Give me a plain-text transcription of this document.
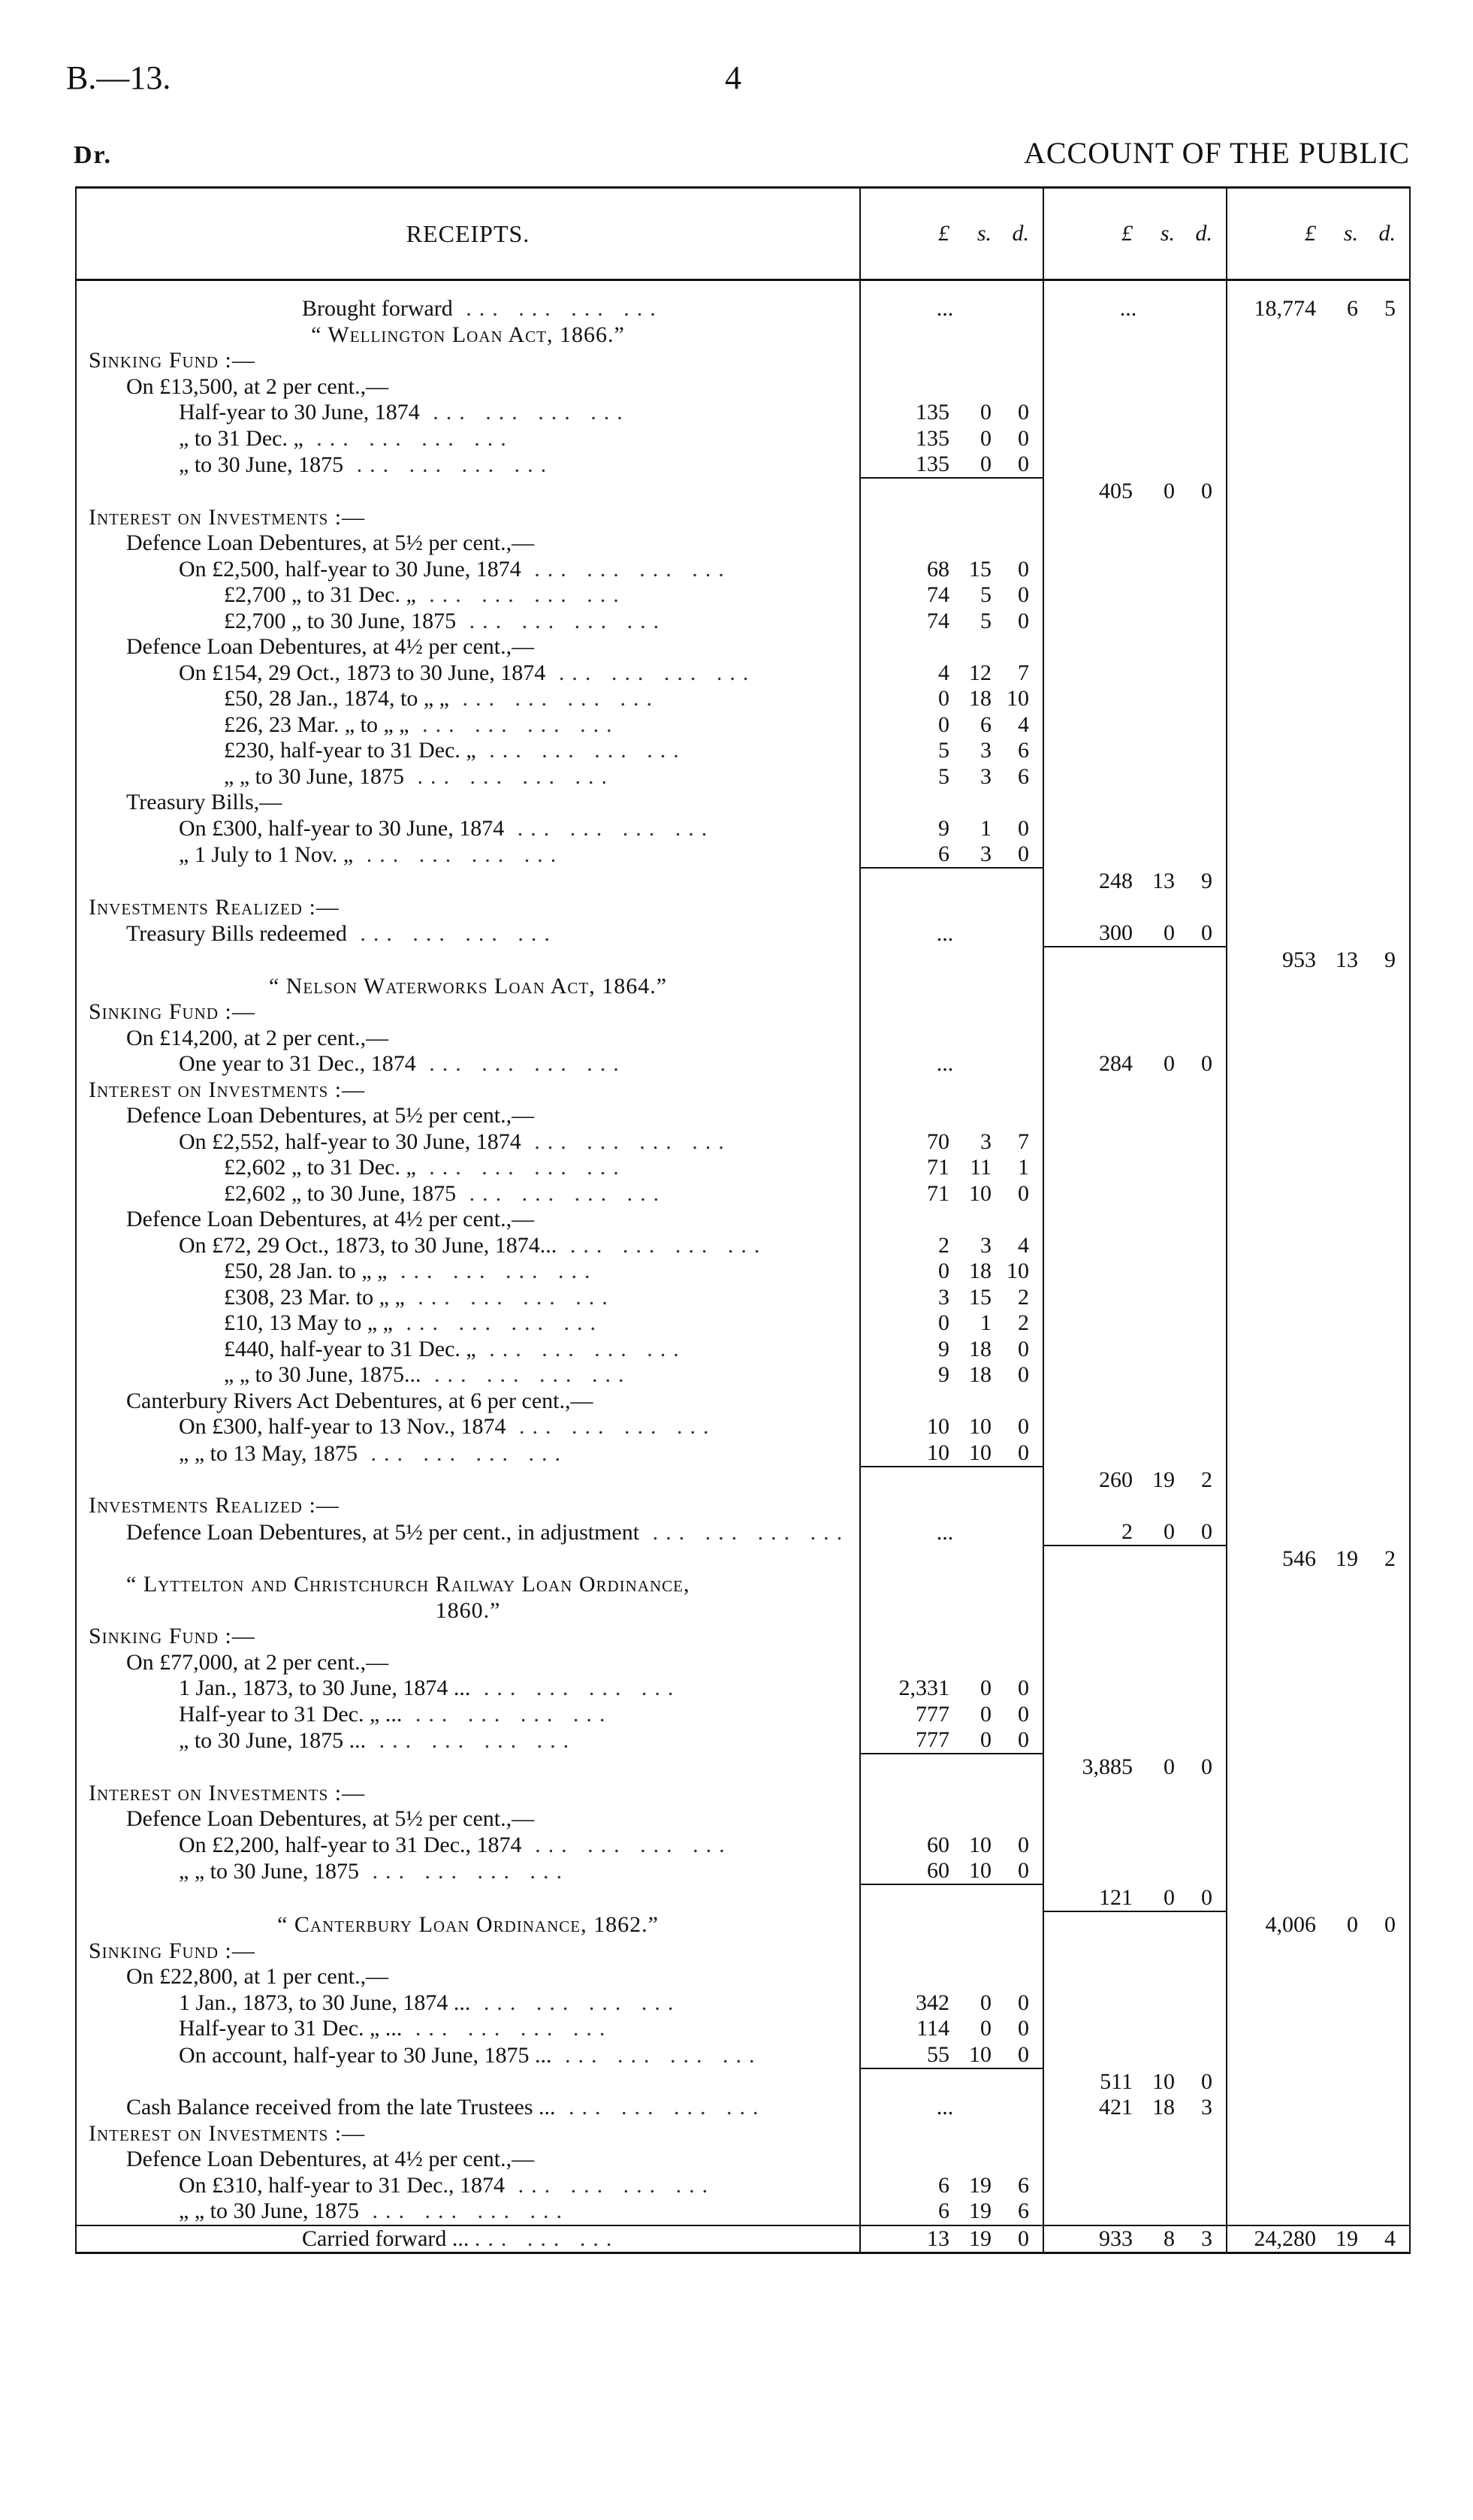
B.—13.	4
Dr.	ACCOUNT OF THE PUBLIC
RECEIPTS.	£ s. d.	£ s. d.	£ s. d.

Brought forward ... ... ... ...	...	...	18,774 6 5

“ Wellington Loan Act, 1866.”	

Sinking Fund :—	

On £13,500, at 2 per cent.,—	

Half-year to 30 June, 1874 ... ... ... ...	135 0 0		

„ to 31 Dec. „ ... ... ... ...	135 0 0		

„ to 30 June, 1875 ... ... ... ...	135 0 0		

		405 0 0	

Interest on Investments :—	

Defence Loan Debentures, at 5½ per cent.,—	

On £2,500, half-year to 30 June, 1874 ... ... ... ...	68 15 0		

£2,700 „ to 31 Dec. „ ... ... ... ...	74 5 0		

£2,700 „ to 30 June, 1875 ... ... ... ...	74 5 0		

Defence Loan Debentures, at 4½ per cent.,—	

On £154, 29 Oct., 1873 to 30 June, 1874 ... ... ... ...	4 12 7		

£50, 28 Jan., 1874, to „ „ ... ... ... ...	0 18 10		

£26, 23 Mar. „ to „ „ ... ... ... ...	0 6 4		

£230, half-year to 31 Dec. „ ... ... ... ...	5 3 6		

„ „ to 30 June, 1875 ... ... ... ...	5 3 6		

Treasury Bills,—	

On £300, half-year to 30 June, 1874 ... ... ... ...	9 1 0		

„ 1 July to 1 Nov. „ ... ... ... ...	6 3 0		

		248 13 9	

Investments Realized :—	

Treasury Bills redeemed ... ... ... ...	...	300 0 0	

			953 13 9

“ Nelson Waterworks Loan Act, 1864.”	

Sinking Fund :—	

On £14,200, at 2 per cent.,—	

One year to 31 Dec., 1874 ... ... ... ...	...	284 0 0	

Interest on Investments :—	

Defence Loan Debentures, at 5½ per cent.,—	

On £2,552, half-year to 30 June, 1874 ... ... ... ...	70 3 7		

£2,602 „ to 31 Dec. „ ... ... ... ...	71 11 1		

£2,602 „ to 30 June, 1875 ... ... ... ...	71 10 0		

Defence Loan Debentures, at 4½ per cent.,—	

On £72, 29 Oct., 1873, to 30 June, 1874... ... ... ... ...	2 3 4		

£50, 28 Jan. to „ „ ... ... ... ...	0 18 10		

£308, 23 Mar. to „ „ ... ... ... ...	3 15 2		

£10, 13 May to „ „ ... ... ... ...	0 1 2		

£440, half-year to 31 Dec. „ ... ... ... ...	9 18 0		

„ „ to 30 June, 1875... ... ... ... ...	9 18 0		

Canterbury Rivers Act Debentures, at 6 per cent.,—	

On £300, half-year to 13 Nov., 1874 ... ... ... ...	10 10 0		

„ „ to 13 May, 1875 ... ... ... ...	10 10 0		

		260 19 2	

Investments Realized :—	

Defence Loan Debentures, at 5½ per cent., in adjustment ... ... ... ...	...	2 0 0	

			546 19 2

“ Lyttelton and Christchurch Railway Loan Ordinance,	

1860.”	

Sinking Fund :—	

On £77,000, at 2 per cent.,—	

1 Jan., 1873, to 30 June, 1874 ... ... ... ... ...	2,331 0 0		

Half-year to 31 Dec. „ ... ... ... ... ...	777 0 0		

„ to 30 June, 1875 ... ... ... ... ...	777 0 0		

		3,885 0 0	

Interest on Investments :—	

Defence Loan Debentures, at 5½ per cent.,—	

On £2,200, half-year to 31 Dec., 1874 ... ... ... ...	60 10 0		

„ „ to 30 June, 1875 ... ... ... ...	60 10 0		

		121 0 0	

“ Canterbury Loan Ordinance, 1862.”			4,006 0 0

Sinking Fund :—	

On £22,800, at 1 per cent.,—	

1 Jan., 1873, to 30 June, 1874 ... ... ... ... ...	342 0 0		

Half-year to 31 Dec. „ ... ... ... ... ...	114 0 0		

On account, half-year to 30 June, 1875 ... ... ... ... ...	55 10 0		

		511 10 0	

Cash Balance received from the late Trustees ... ... ... ... ...	...	421 18 3	

Interest on Investments :—	

Defence Loan Debentures, at 4½ per cent.,—	

On £310, half-year to 31 Dec., 1874 ... ... ... ...	6 19 6		

„ „ to 30 June, 1875 ... ... ... ...	6 19 6		

Carried forward ... ... ... ...	13 19 0	933 8 3	24,280 19 4
